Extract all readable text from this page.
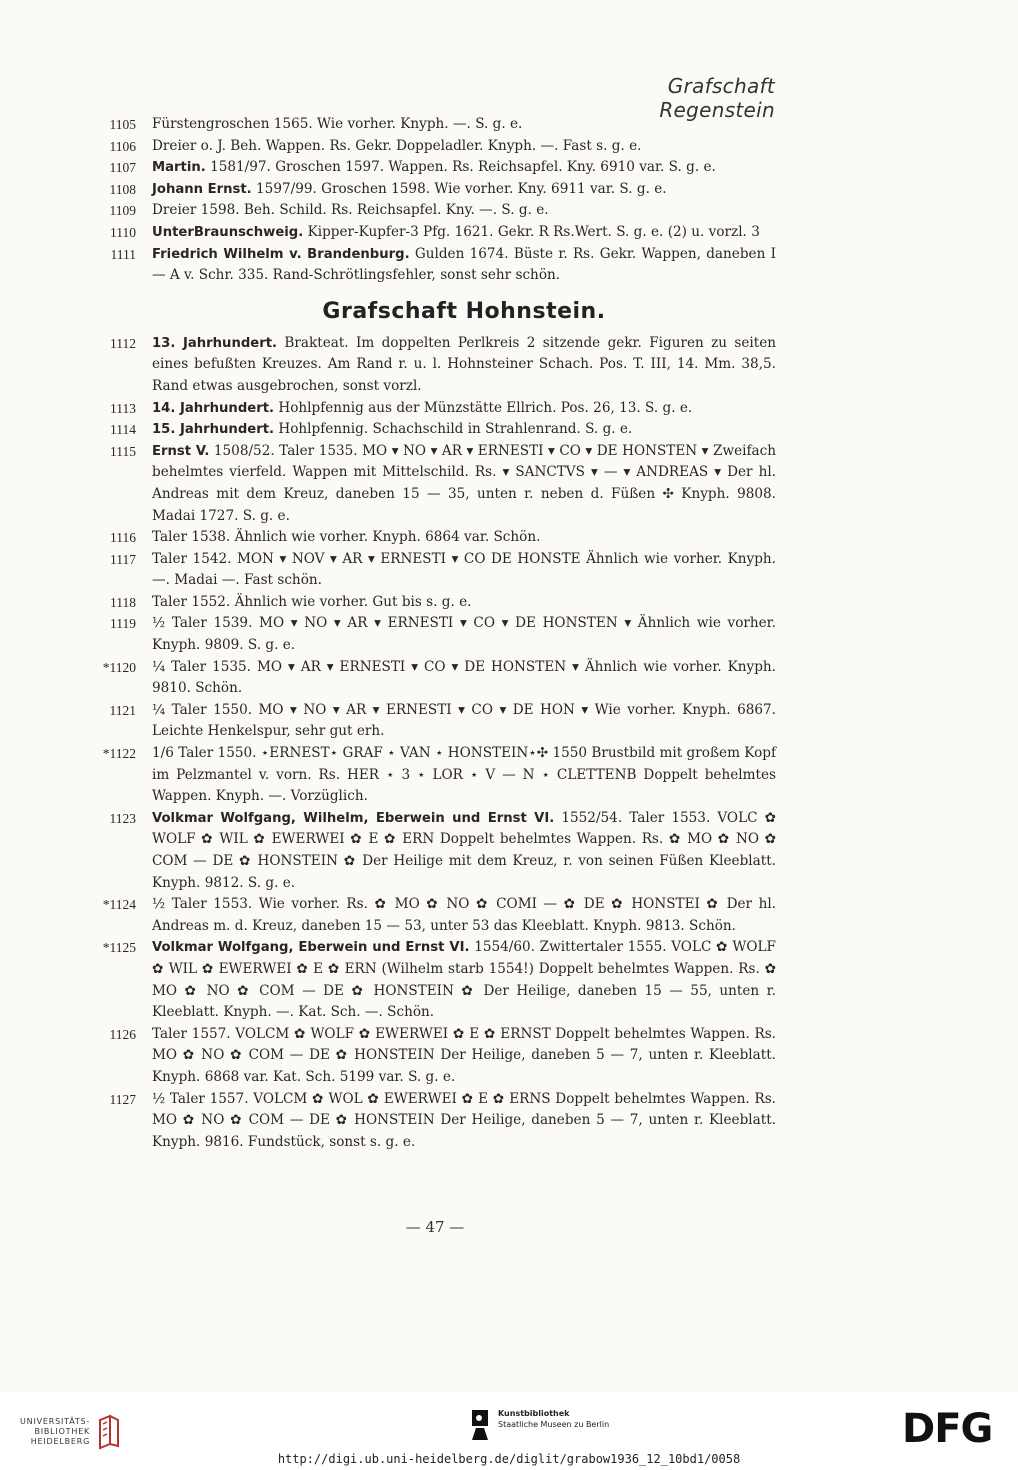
Grafschaft Regenstein
1105 Fürstengroschen 1565. Wie vorher. Knyph. —. S. g. e.
1106 Dreier o. J. Beh. Wappen. Rs. Gekr. Doppeladler. Knyph. —. Fast s. g. e.
1107 Martin. 1581/97. Groschen 1597. Wappen. Rs. Reichsapfel. Kny. 6910 var. S. g. e.
1108 Johann Ernst. 1597/99. Groschen 1598. Wie vorher. Kny. 6911 var. S. g. e.
1109 Dreier 1598. Beh. Schild. Rs. Reichsapfel. Kny. —. S. g. e.
1110 UnterBraunschweig. Kipper-Kupfer-3 Pfg. 1621. Gekr. R Rs.Wert. S. g. e. (2) u. vorzl. 3
1111 Friedrich Wilhelm v. Brandenburg. Gulden 1674. Büste r. Rs. Gekr. Wappen, daneben I — A v. Schr. 335. Rand-Schrötlingsfehler, sonst sehr schön.
Grafschaft Hohnstein.
1112 13. Jahrhundert. Brakteat. Im doppelten Perlkreis 2 sitzende gekr. Figuren zu seiten eines befußten Kreuzes. Am Rand r. u. l. Hohnsteiner Schach. Pos. T. III, 14. Mm. 38,5. Rand etwas ausgebrochen, sonst vorzl.
1113 14. Jahrhundert. Hohlpfennig aus der Münzstätte Ellrich. Pos. 26, 13. S. g. e.
1114 15. Jahrhundert. Hohlpfennig. Schachschild in Strahlenrand. S. g. e.
1115 Ernst V. 1508/52. Taler 1535. MO ▾ NO ▾ AR ▾ ERNESTI ▾ CO ▾ DE HONSTEN ▾ Zweifach behelmtes vierfeld. Wappen mit Mittelschild. Rs. ▾ SANCTVS ▾ — ▾ ANDREAS ▾ Der hl. Andreas mit dem Kreuz, daneben 15 — 35, unten r. neben d. Füßen ✣ Knyph. 9808. Madai 1727. S. g. e.
1116 Taler 1538. Ähnlich wie vorher. Knyph. 6864 var. Schön.
1117 Taler 1542. MON ▾ NOV ▾ AR ▾ ERNESTI ▾ CO DE HONSTE Ähnlich wie vorher. Knyph. —. Madai —. Fast schön.
1118 Taler 1552. Ähnlich wie vorher. Gut bis s. g. e.
1119 ½ Taler 1539. MO ▾ NO ▾ AR ▾ ERNESTI ▾ CO ▾ DE HONSTEN ▾ Ähnlich wie vorher. Knyph. 9809. S. g. e.
*1120 ¼ Taler 1535. MO ▾ AR ▾ ERNESTI ▾ CO ▾ DE HONSTEN ▾ Ähnlich wie vorher. Knyph. 9810. Schön.
1121 ¼ Taler 1550. MO ▾ NO ▾ AR ▾ ERNESTI ▾ CO ▾ DE HON ▾ Wie vorher. Knyph. 6867. Leichte Henkelspur, sehr gut erh.
*1122 1/6 Taler 1550. ⋆ERNEST⋆ GRAF ⋆ VAN ⋆ HONSTEIN⋆✣ 1550 Brustbild mit großem Kopf im Pelzmantel v. vorn. Rs. HER ⋆ 3 ⋆ LOR ⋆ V — N ⋆ CLETTENB Doppelt behelmtes Wappen. Knyph. —. Vorzüglich.
1123 Volkmar Wolfgang, Wilhelm, Eberwein und Ernst VI. 1552/54. Taler 1553. VOLC ✿ WOLF ✿ WIL ✿ EWERWEI ✿ E ✿ ERN Doppelt behelmtes Wappen. Rs. ✿ MO ✿ NO ✿ COM — DE ✿ HONSTEIN ✿ Der Heilige mit dem Kreuz, r. von seinen Füßen Kleeblatt. Knyph. 9812. S. g. e.
*1124 ½ Taler 1553. Wie vorher. Rs. ✿ MO ✿ NO ✿ COMI — ✿ DE ✿ HONSTEI ✿ Der hl. Andreas m. d. Kreuz, daneben 15 — 53, unter 53 das Kleeblatt. Knyph. 9813. Schön.
*1125 Volkmar Wolfgang, Eberwein und Ernst VI. 1554/60. Zwittertaler 1555. VOLC ✿ WOLF ✿ WIL ✿ EWERWEI ✿ E ✿ ERN (Wilhelm starb 1554!) Doppelt behelmtes Wappen. Rs. ✿ MO ✿ NO ✿ COM — DE ✿ HONSTEIN ✿ Der Heilige, daneben 15 — 55, unten r. Kleeblatt. Knyph. —. Kat. Sch. —. Schön.
1126 Taler 1557. VOLCM ✿ WOLF ✿ EWERWEI ✿ E ✿ ERNST Doppelt behelmtes Wappen. Rs. MO ✿ NO ✿ COM — DE ✿ HONSTEIN Der Heilige, daneben 5 — 7, unten r. Kleeblatt. Knyph. 6868 var. Kat. Sch. 5199 var. S. g. e.
1127 ½ Taler 1557. VOLCM ✿ WOL ✿ EWERWEI ✿ E ✿ ERNS Doppelt behelmtes Wappen. Rs. MO ✿ NO ✿ COM — DE ✿ HONSTEIN Der Heilige, daneben 5 — 7, unten r. Kleeblatt. Knyph. 9816. Fundstück, sonst s. g. e.
— 47 —
UNIVERSITÄTS-
BIBLIOTHEK
HEIDELBERG
Kunstbibliothek
Staatliche Museen zu Berlin	DFG
http://digi.ub.uni-heidelberg.de/diglit/grabow1936_12_10bd1/0058
